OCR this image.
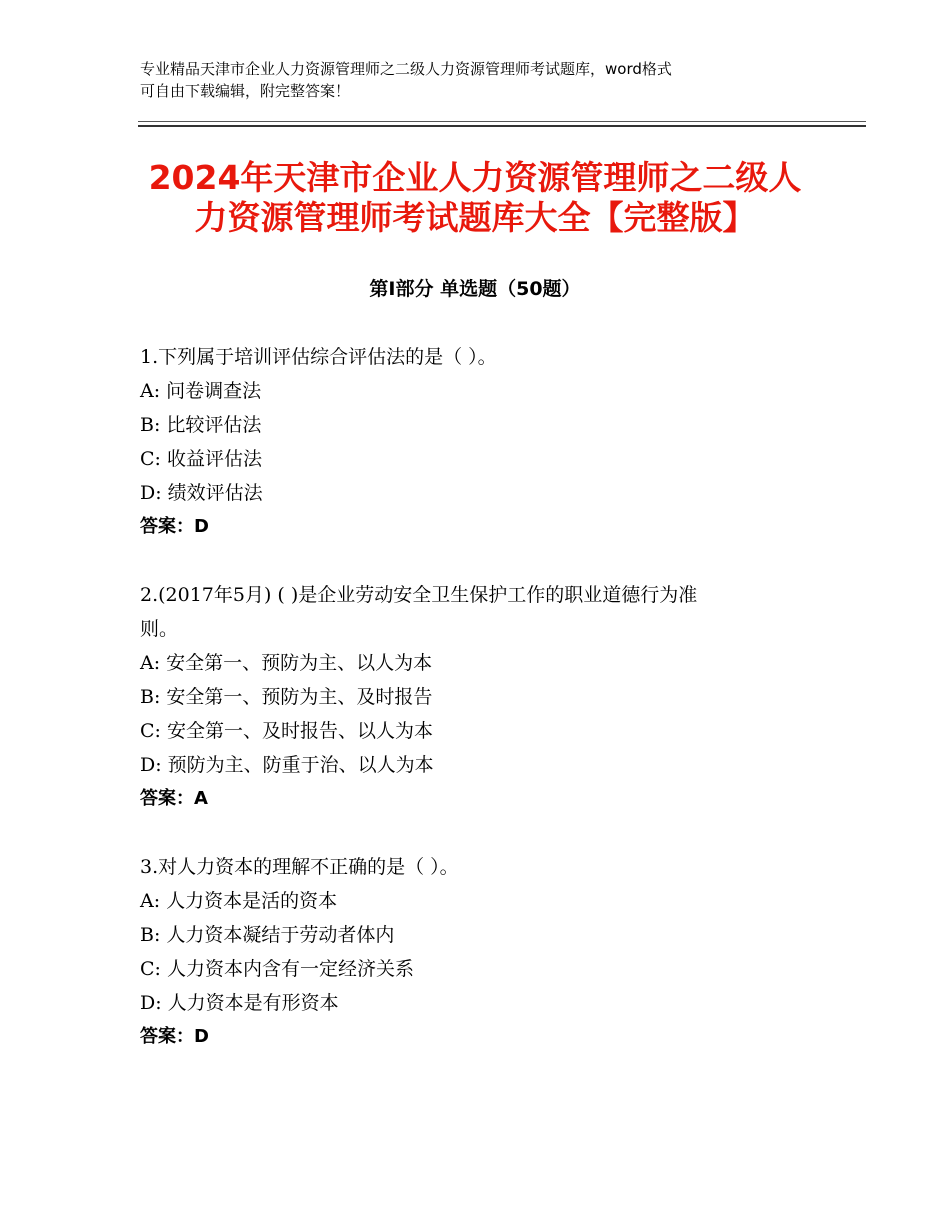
专业精品天津市企业人力资源管理师之二级人力资源管理师考试题库，word格式
可自由下载编辑，附完整答案！
2024年天津市企业人力资源管理师之二级人
力资源管理师考试题库大全【完整版】
第Ⅰ部分 单选题（50题）
1.下列属于培训评估综合评估法的是（ ）。
A: 问卷调查法
B: 比较评估法
C: 收益评估法
D: 绩效评估法
答案：D
2.(2017年5月) ( )是企业劳动安全卫生保护工作的职业道德行为准
则。
A: 安全第一、预防为主、以人为本
B: 安全第一、预防为主、及时报告
C: 安全第一、及时报告、以人为本
D: 预防为主、防重于治、以人为本
答案：A
3.对人力资本的理解不正确的是（ ）。
A: 人力资本是活的资本
B: 人力资本凝结于劳动者体内
C: 人力资本内含有一定经济关系
D: 人力资本是有形资本
答案：D
